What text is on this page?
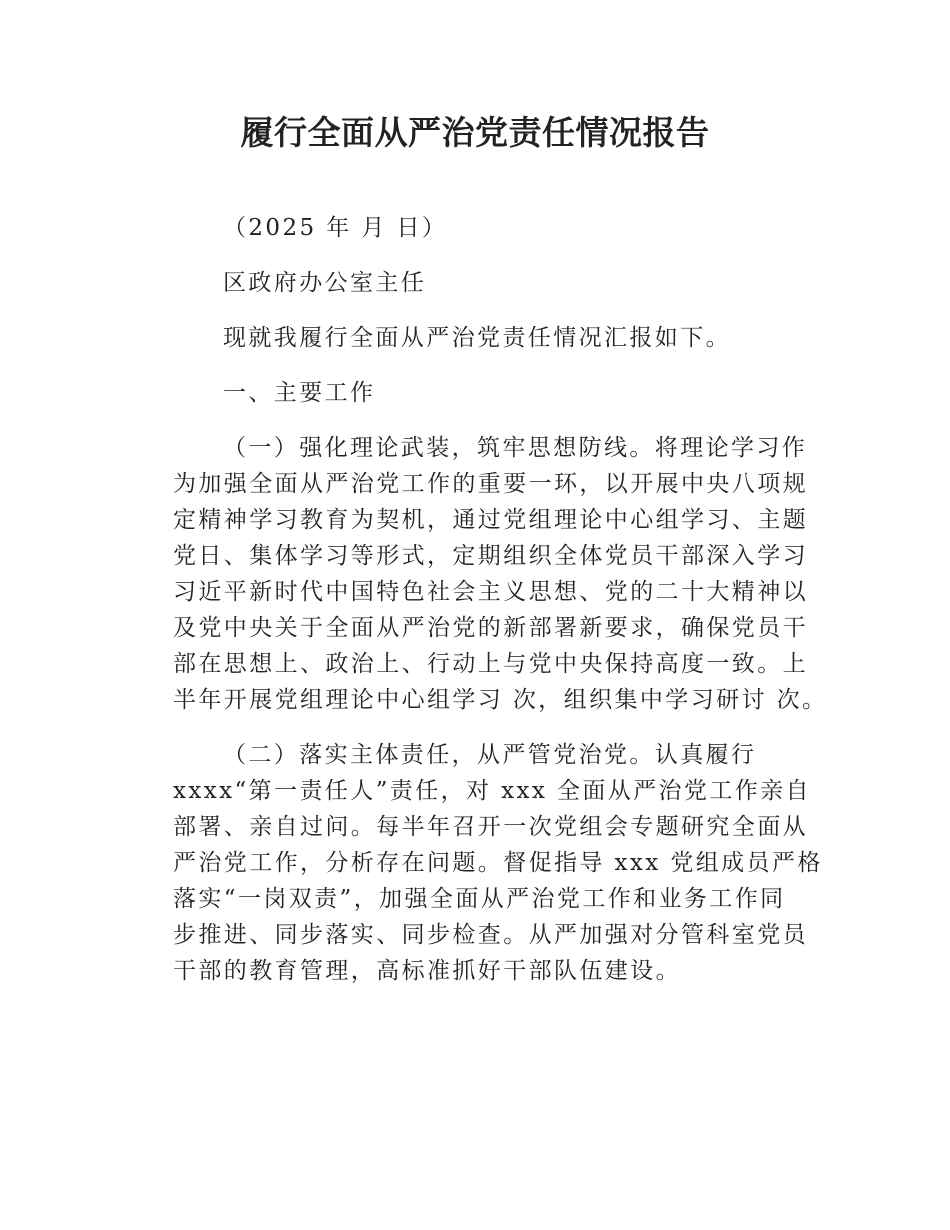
履行全面从严治党责任情况报告

（2025 年 月 日）

区政府办公室主任

现就我履行全面从严治党责任情况汇报如下。

一、主要工作

（一）强化理论武装，筑牢思想防线。将理论学习作

为加强全面从严治党工作的重要一环，以开展中央八项规

定精神学习教育为契机，通过党组理论中心组学习、主题

党日、集体学习等形式，定期组织全体党员干部深入学习

习近平新时代中国特色社会主义思想、党的二十大精神以

及党中央关于全面从严治党的新部署新要求，确保党员干

部在思想上、政治上、行动上与党中央保持高度一致。上

半年开展党组理论中心组学习 次，组织集中学习研讨 次。

（二）落实主体责任，从严管党治党。认真履行

xxxx“第一责任人”责任，对 xxx 全面从严治党工作亲自

部署、亲自过问。每半年召开一次党组会专题研究全面从

严治党工作，分析存在问题。督促指导 xxx 党组成员严格

落实“一岗双责”，加强全面从严治党工作和业务工作同

步推进、同步落实、同步检查。从严加强对分管科室党员

干部的教育管理，高标准抓好干部队伍建设。
